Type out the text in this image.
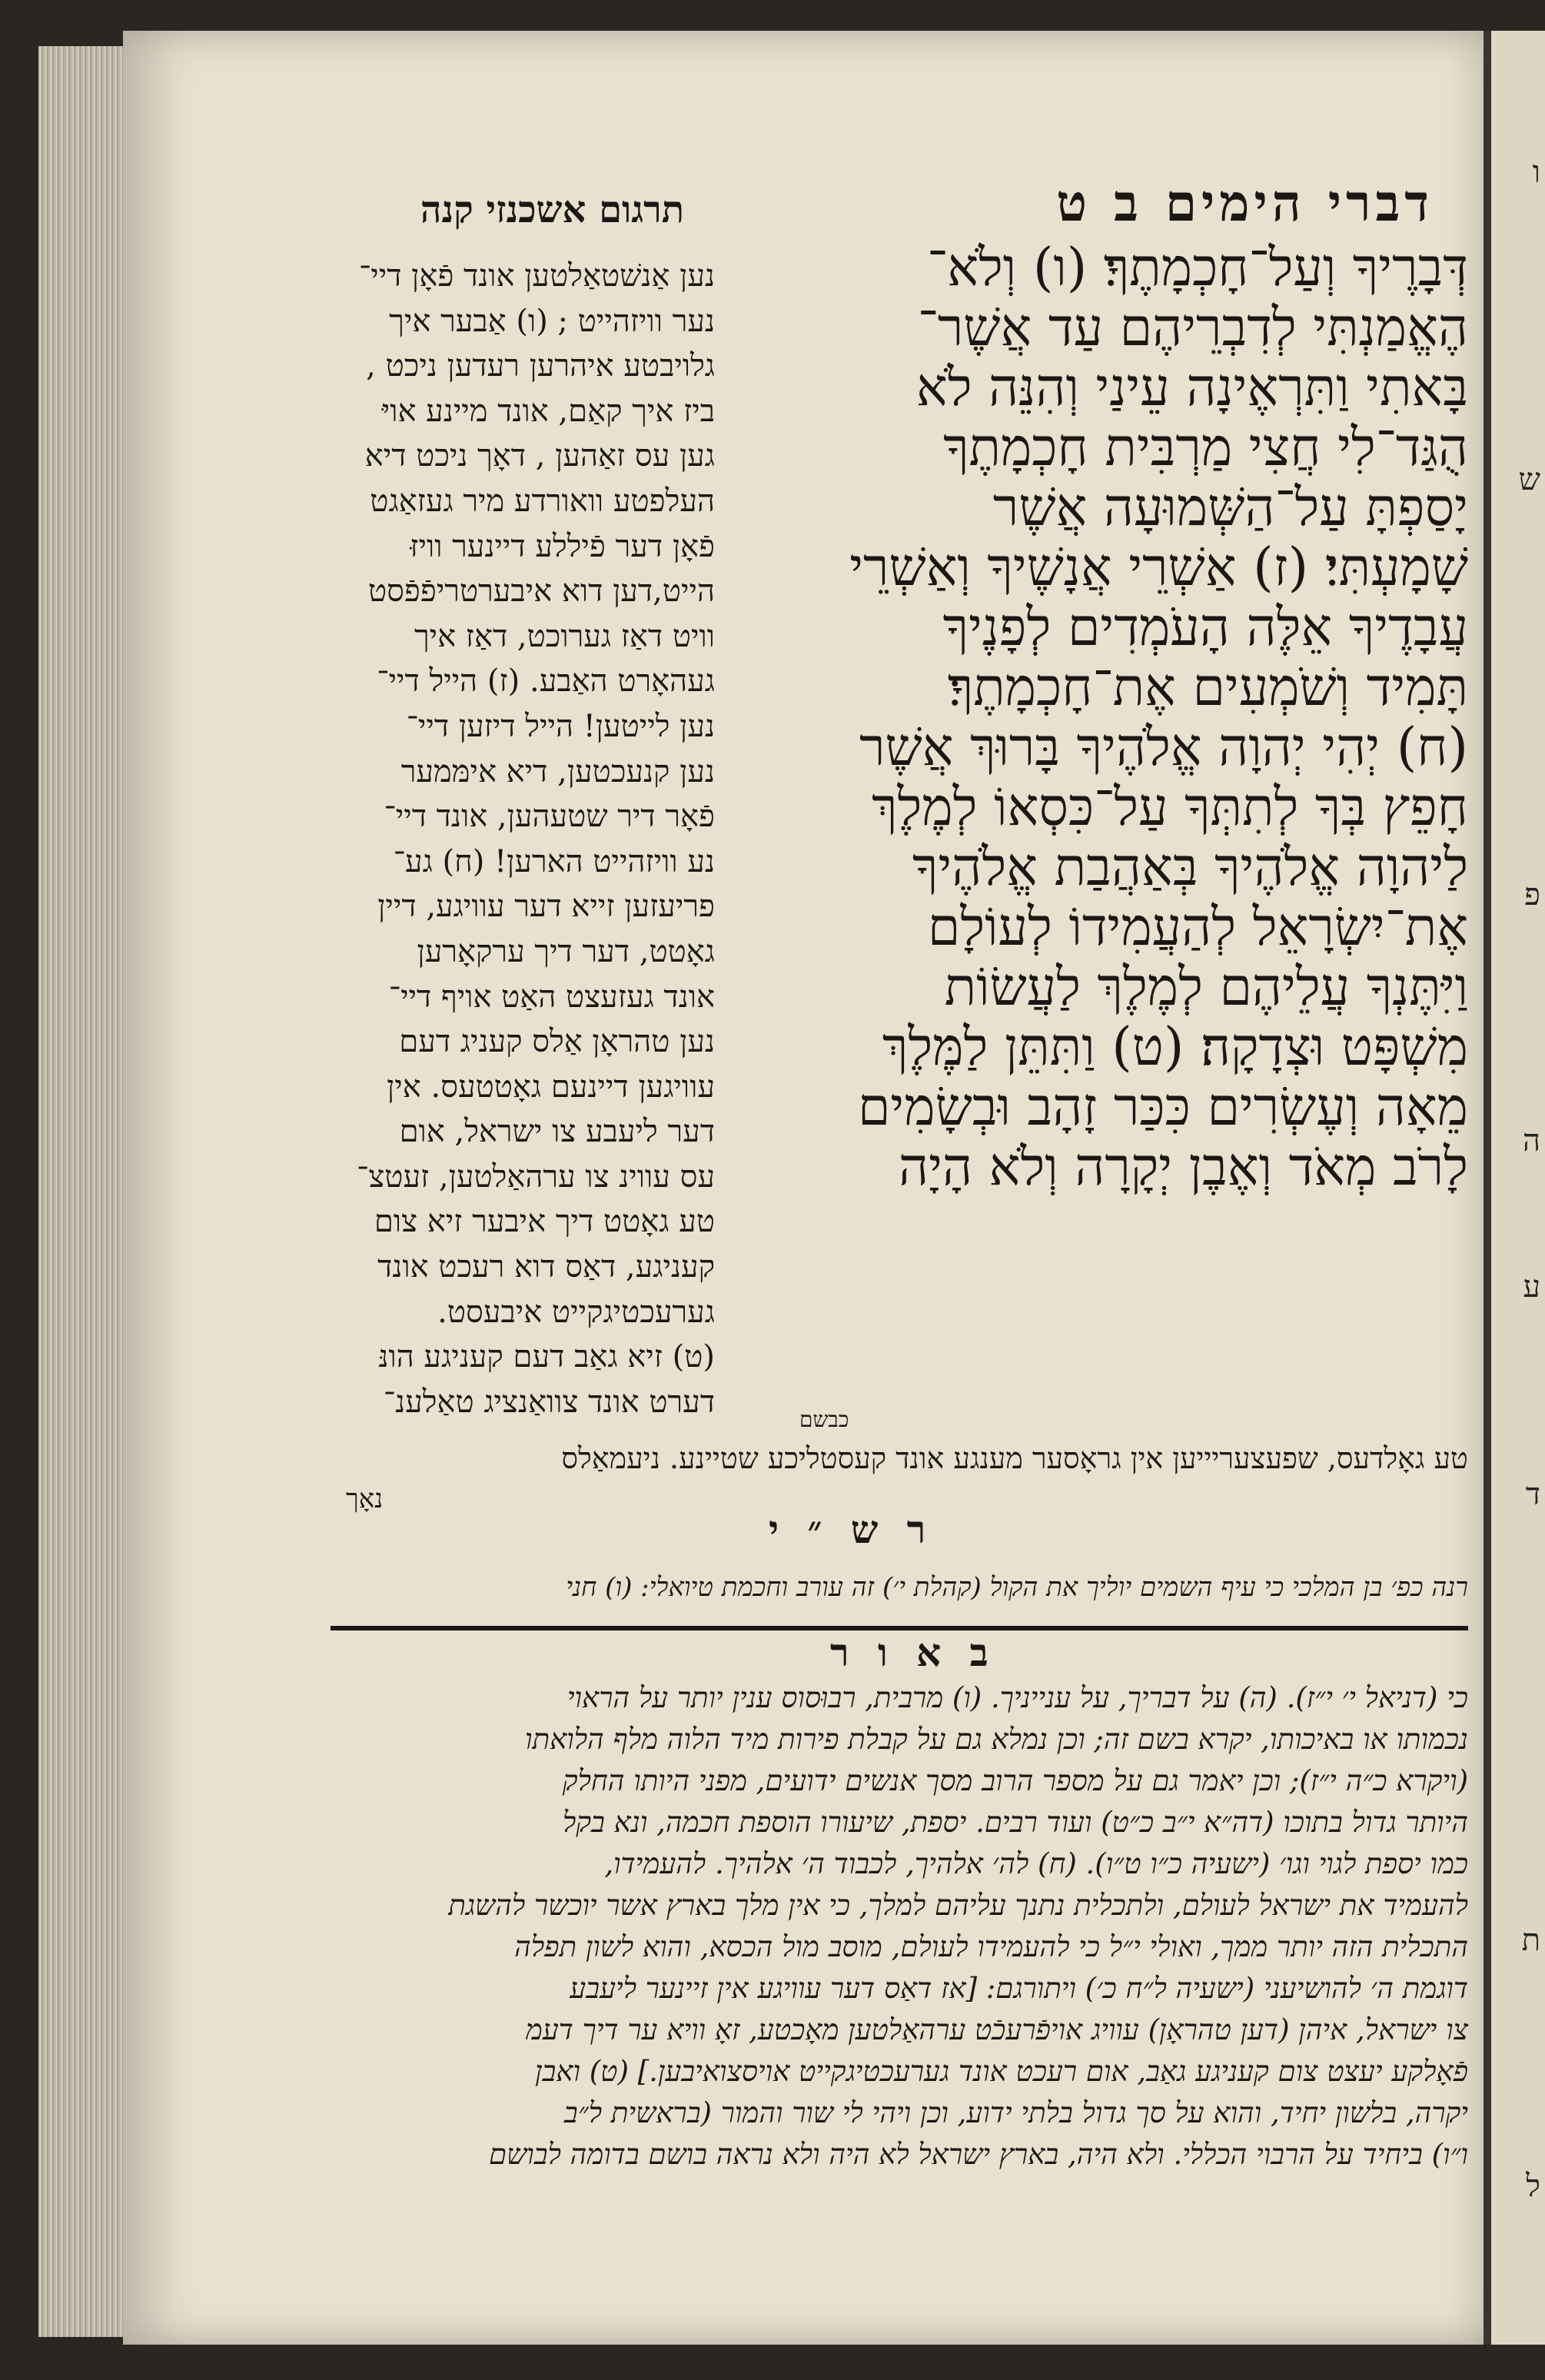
ו
ש
פ
ה
ע
ד
ת
ל
דברי הימים ב ט
תרגום אשכנזי קנה
דְּבָרֶיךָ וְעַל־חָכְמָתֶךָ׃ (ו) וְלֹא־
הֶאֱמַנְתִּי לְדִבְרֵיהֶם עַד אֲשֶׁר־
בָּאתִי וַתִּרְאֶינָה עֵינַי וְהִנֵּה לֹא
הֻגַּד־לִי חֲצִי מַרְבִּית חָכְמָתֶךָ
יָסַפְתָּ עַל־הַשְּׁמוּעָה אֲשֶׁר
שָׁמָעְתִּי׃ (ז) אַשְׁרֵי אֲנָשֶׁיךָ וְאַשְׁרֵי
עֲבָדֶיךָ אֵלֶּה הָעֹמְדִים לְפָנֶיךָ
תָּמִיד וְשֹׁמְעִים אֶת־חָכְמָתֶךָ׃
(ח) יְהִי יְהוָה אֱלֹהֶיךָ בָּרוּךְ אֲשֶׁר
חָפֵץ בְּךָ לְתִתְּךָ עַל־כִּסְאוֹ לְמֶלֶךְ
לַיהוָה אֱלֹהֶיךָ בְּאַהֲבַת אֱלֹהֶיךָ
אֶת־יִשְׂרָאֵל לְהַעֲמִידוֹ לְעוֹלָם
וַיִּתֶּנְךָ עֲלֵיהֶם לְמֶלֶךְ לַעֲשׂוֹת
מִשְׁפָּט וּצְדָקָה׃ (ט) וַתִּתֵּן לַמֶּלֶךְ
מֵאָה וְעֶשְׂרִים כִּכַּר זָהָב וּבְשָׂמִים
לָרֹב מְאֹד וְאֶבֶן יְקָרָה וְלֹא הָיָה
כבשם
נען אַנשׁטאַלטען אונד פֿאָן דיי־
נער וויזהייט ; (ו) אַבער איך
גלויבטע איהרען רעדען ניכט ,
ביז איך קאַם, אונד מיינע אויּ
גען עס זאַהען , דאָך ניכט דיא
העלפטע וואורדע מיר געזאַגט
פֿאָן דער פֿיללע דיינער וויזּ
הייט,דען דוא איבערטריפֿפֿסט
וויט דאַז גערוכט, דאַז איך
געהאָרט האַבע. (ז) הייל דיי־
נען לייטען! הייל דיזען דיי־
נען קנעכטען, דיא אימּמער
פֿאָר דיר שטעהען, אונד דיי־
נע וויזהייט הארען! (ח) גע־
פריעזען זייא דער עוויגע, דיין
גאָטט, דער דיך ערקאָרען
אונד געזעצט האַט אויף דיי־
נען טהראָן אַלס קעניג דעם
עוויגען דיינעם גאָטטעס. אין
דער ליעבע צו ישראל, אום
עס עווינ צו ערהאַלטען, זעטצ־
טע גאָטט דיך איבער זיא צום
קעניגע, דאַס דוא רעכט אונד
גערעכטיגקייט איבעסט.
(ט) זיא גאַב דעם קעניגע הונּ
דערט אונד צוואַנציג טאַלענ־
טע גאָלדעס, שפעצעריייען אין גראָסער מענגע אונד קעסטליכע שטיינע. ניעמאַלס
נאָך
ר ש ״ י
רנה כפ׳ בן המלכי כי עיף השמים יוליך את הקול (קהלת י׳) זה עורב וחכמת טיואלי: (ו) חני
ב א ו ר
כי (דניאל י׳ י״ז). (ה) על דבריך, על ענייניך. (ו) מרבית, רבוּסוס ענין יותר על הראוי
נכמותו או באיכותו, יקרא בשם זה; וכן נמלא גם על קבלת פירות מיד הלוה מלף הלואתו
(ויקרא כ״ה י״ז); וכן יאמר גם על מספר הרוב מסך אנשים ידועים, מפני היותו החלק
היותר גדול בתוכו (דה״א י״ב כ״ט) ועוד רבים. יספת, שיעורו הוספת חכמה, ונא בקל
כמו יספת לגוי וגו׳ (ישעיה כ״ו ט״ו). (ח) לה׳ אלהיך, לכבוד ה׳ אלהיך. להעמידו,
להעמיד את ישראל לעולם, ולתכלית נתנך עליהם למלך, כי אין מלך בארץ אשר יוכשר להשגת
התכלית הזה יותר ממך, ואולי י״ל כי להעמידו לעולם, מוסב מול הכסא, והוא לשון תפלה
דוגמת ה׳ להושיעני (ישעיה ל״ח כ׳) ויתורגם: [אז דאַס דער עוויגע אין זיינער ליעבע
צו ישראל, איהן (דען טהראָן) עוויג אויפֿרעכֿט ערהאַלטען מאָכטע, זאָ וויא ער דיך דעמ
פֿאָלקע יעצט צום קעניגע גאַב, אום רעכט אונד גערעכטיגקייט אויסצואיבען.] (ט) ואבן
יקרה, בלשון יחיד, והוא על סך גדול בלתי ידוע, וכן ויהי לי שור והמור (בראשית ל״ב
ו״ו) ביחיד על הרבוי הכללי. ולא היה, בארץ ישראל לא היה ולא נראה בושם בדומה לבושם
